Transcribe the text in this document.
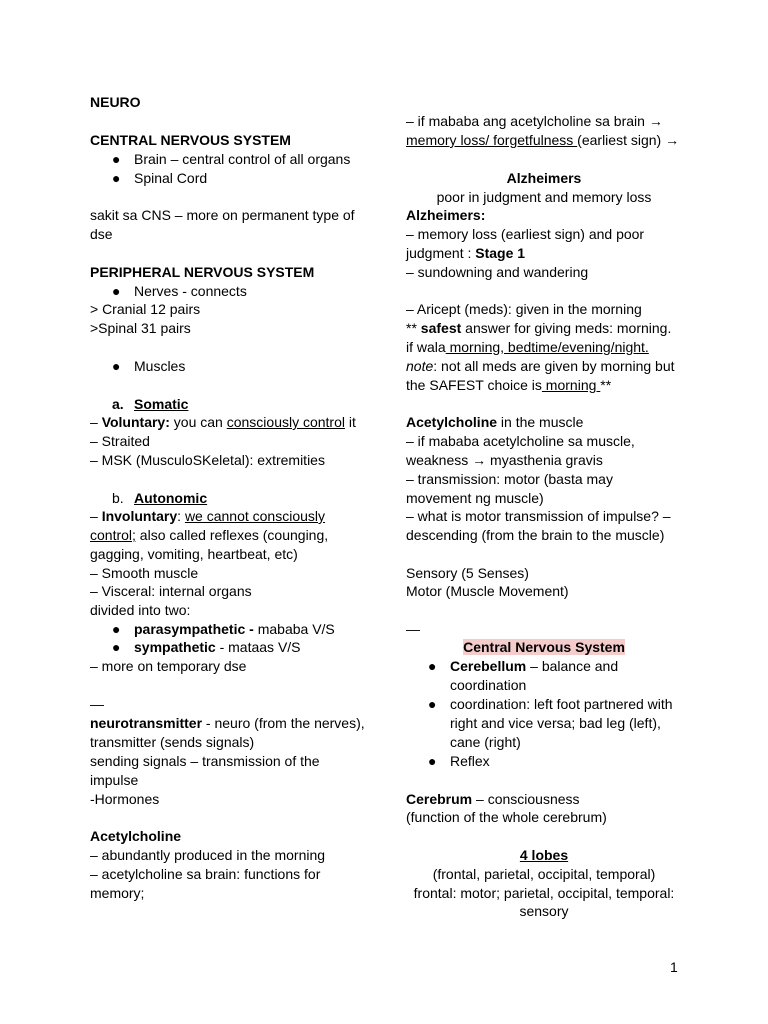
NEURO
CENTRAL NERVOUS SYSTEM
● Brain – central control of all organs
● Spinal Cord
sakit sa CNS – more on permanent type of
dse
PERIPHERAL NERVOUS SYSTEM
● Nerves - connects
> Cranial 12 pairs
>Spinal 31 pairs
● Muscles
a. Somatic
– Voluntary: you can consciously control it
– Straited
– MSK (MusculoSKeletal): extremities
b. Autonomic
– Involuntary: we cannot consciously
control; also called reflexes (counging,
gagging, vomiting, heartbeat, etc)
– Smooth muscle
– Visceral: internal organs
divided into two:
● parasympathetic - mababa V/S
● sympathetic - mataas V/S
– more on temporary dse
—
neurotransmitter - neuro (from the nerves),
transmitter (sends signals)
sending signals – transmission of the
impulse
-Hormones
Acetylcholine
– abundantly produced in the morning
– acetylcholine sa brain: functions for
memory;
– if mababa ang acetylcholine sa brain →
memory loss/ forgetfulness (earliest sign) →
Alzheimers
poor in judgment and memory loss
Alzheimers:
– memory loss (earliest sign) and poor
judgment : Stage 1
– sundowning and wandering
– Aricept (meds): given in the morning
** safest answer for giving meds: morning.
if wala morning, bedtime/evening/night.
note: not all meds are given by morning but
the SAFEST choice is morning **
Acetylcholine in the muscle
– if mababa acetylcholine sa muscle,
weakness → myasthenia gravis
– transmission: motor (basta may
movement ng muscle)
– what is motor transmission of impulse? –
descending (from the brain to the muscle)
Sensory (5 Senses)
Motor (Muscle Movement)
—
Central Nervous System
● Cerebellum – balance and
coordination
● coordination: left foot partnered with
right and vice versa; bad leg (left),
cane (right)
● Reflex
Cerebrum – consciousness
(function of the whole cerebrum)
4 lobes
(frontal, parietal, occipital, temporal)
frontal: motor; parietal, occipital, temporal:
sensory
1
